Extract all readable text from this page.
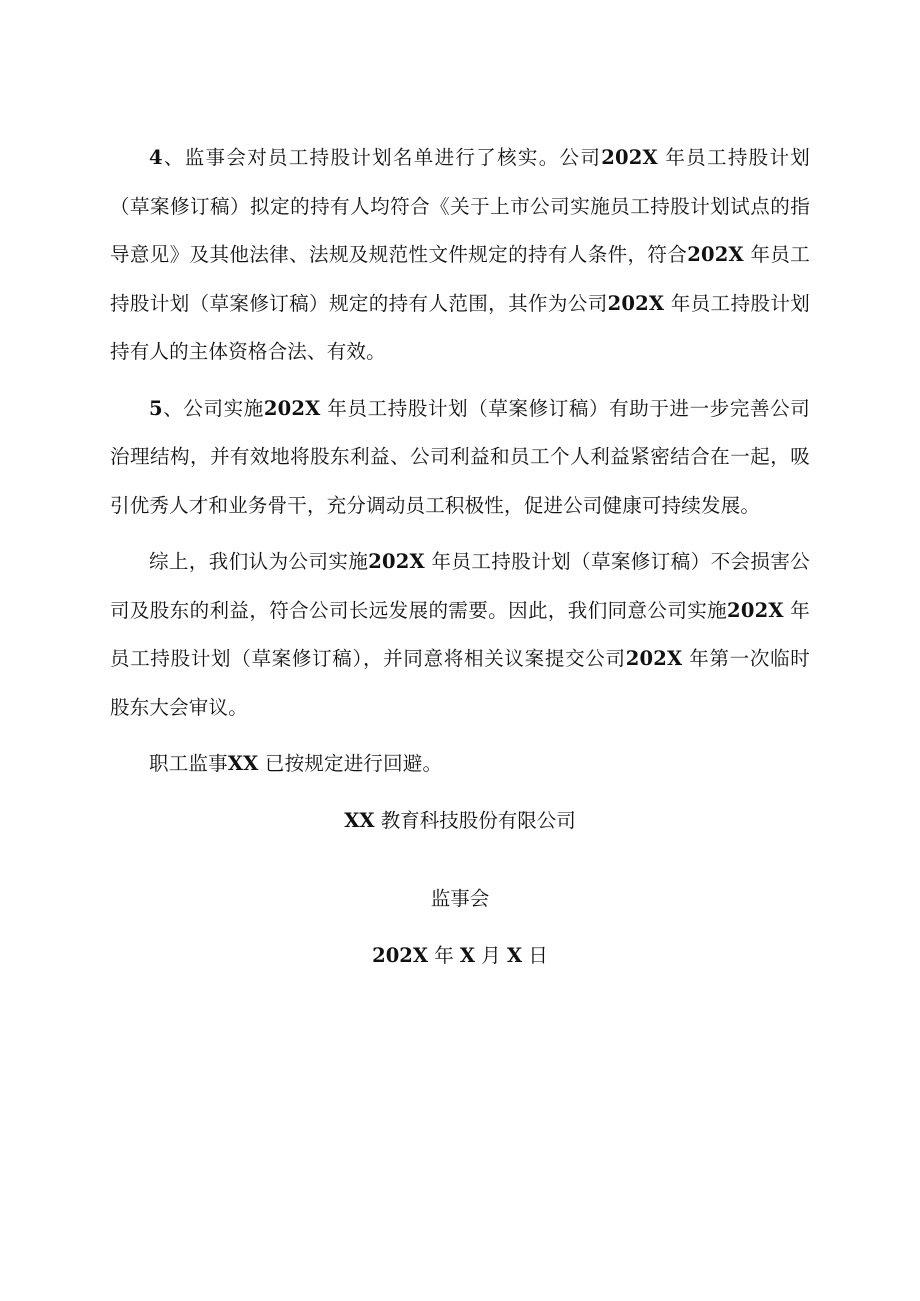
4、监事会对员工持股计划名单进行了核实。公司202X 年员工持股计划（草案修订稿）拟定的持有人均符合《关于上市公司实施员工持股计划试点的指导意见》及其他法律、法规及规范性文件规定的持有人条件，符合202X 年员工持股计划（草案修订稿）规定的持有人范围，其作为公司202X 年员工持股计划持有人的主体资格合法、有效。

5、公司实施202X 年员工持股计划（草案修订稿）有助于进一步完善公司治理结构，并有效地将股东利益、公司利益和员工个人利益紧密结合在一起，吸引优秀人才和业务骨干，充分调动员工积极性，促进公司健康可持续发展。

综上，我们认为公司实施202X 年员工持股计划（草案修订稿）不会损害公司及股东的利益，符合公司长远发展的需要。因此，我们同意公司实施202X 年员工持股计划（草案修订稿），并同意将相关议案提交公司202X 年第一次临时股东大会审议。

职工监事XX 已按规定进行回避。

XX 教育科技股份有限公司

监事会

202X 年 X 月 X 日
